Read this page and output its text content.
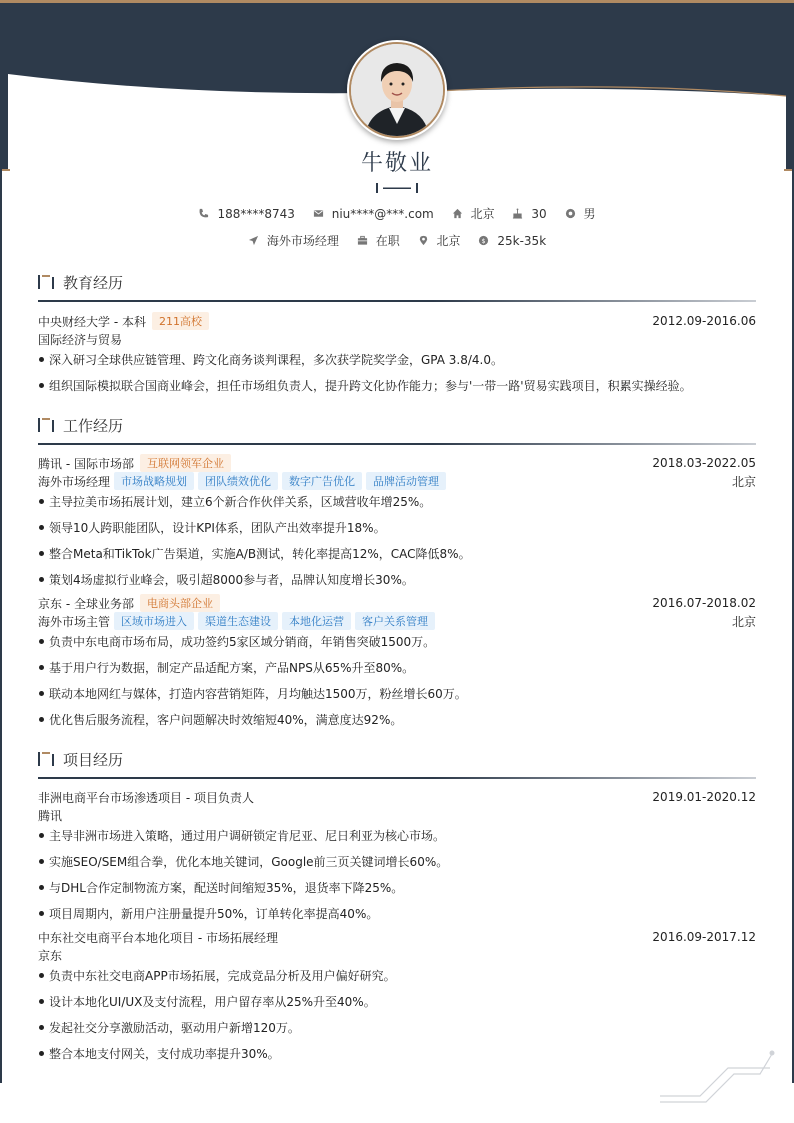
牛敬业
188****8743
	niu****@***.com
	北京
	30
	男
海外市场经理
	在职
	北京
	$ 25k-35k
教育经历
中央财经大学 - 本科	211高校	2012.09-2016.06
国际经济与贸易
深入研习全球供应链管理、跨文化商务谈判课程，多次获学院奖学金，GPA 3.8/4.0。
组织国际模拟联合国商业峰会，担任市场组负责人，提升跨文化协作能力；参与'一带一路'贸易实践项目，积累实操经验。
工作经历
腾讯 - 国际市场部	互联网领军企业	2018.03-2022.05
海外市场经理	市场战略规划	团队绩效优化	数字广告优化	品牌活动管理	北京
主导拉美市场拓展计划，建立6个新合作伙伴关系，区域营收年增25%。
领导10人跨职能团队，设计KPI体系，团队产出效率提升18%。
整合Meta和TikTok广告渠道，实施A/B测试，转化率提高12%，CAC降低8%。
策划4场虚拟行业峰会，吸引超8000参与者，品牌认知度增长30%。
京东 - 全球业务部	电商头部企业	2016.07-2018.02
海外市场主管	区域市场进入	渠道生态建设	本地化运营	客户关系管理	北京
负责中东电商市场布局，成功签约5家区域分销商，年销售突破1500万。
基于用户行为数据，制定产品适配方案，产品NPS从65%升至80%。
联动本地网红与媒体，打造内容营销矩阵，月均触达1500万，粉丝增长60万。
优化售后服务流程，客户问题解决时效缩短40%，满意度达92%。
项目经历
非洲电商平台市场渗透项目 - 项目负责人	2019.01-2020.12
腾讯
主导非洲市场进入策略，通过用户调研锁定肯尼亚、尼日利亚为核心市场。
实施SEO/SEM组合拳，优化本地关键词，Google前三页关键词增长60%。
与DHL合作定制物流方案，配送时间缩短35%，退货率下降25%。
项目周期内，新用户注册量提升50%，订单转化率提高40%。
中东社交电商平台本地化项目 - 市场拓展经理	2016.09-2017.12
京东
负责中东社交电商APP市场拓展，完成竞品分析及用户偏好研究。
设计本地化UI/UX及支付流程，用户留存率从25%升至40%。
发起社交分享激励活动，驱动用户新增120万。
整合本地支付网关，支付成功率提升30%。
